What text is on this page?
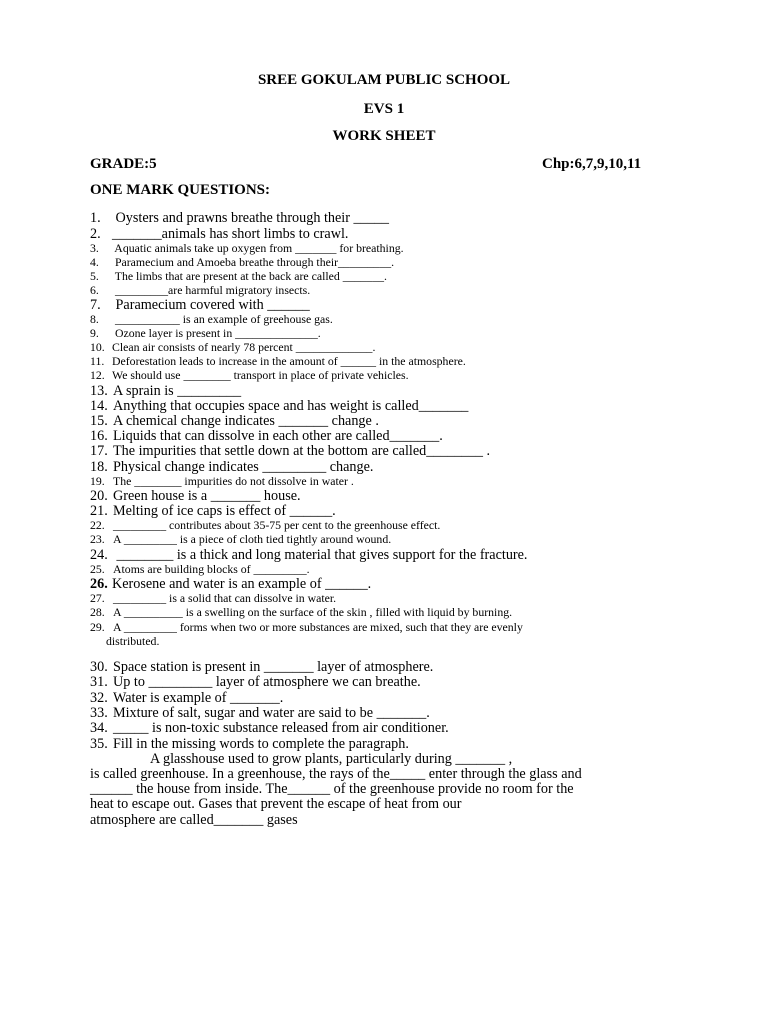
SREE GOKULAM PUBLIC SCHOOL
EVS 1
WORK SHEET
GRADE:5	Chp:6,7,9,10,11
ONE MARK QUESTIONS:
1. Oysters and prawns breathe through their _____
2. _______animals has short limbs to crawl.
3. Aquatic animals take up oxygen from _______ for breathing.
4. Paramecium and Amoeba breathe through their_________.
5. The limbs that are present at the back are called _______.
6. _________are harmful migratory insects.
7. Paramecium covered with ______
8. ___________ is an example of greehouse gas.
9. Ozone layer is present in ______________.
10. Clean air consists of nearly 78 percent _____________.
11. Deforestation leads to increase in the amount of ______ in the atmosphere.
12. We should use ________ transport in place of private vehicles.
13. A sprain is _________
14. Anything that occupies space and has weight is called_______
15. A chemical change indicates _______ change .
16. Liquids that can dissolve in each other are called_______.
17. The impurities that settle down at the bottom are called________ .
18. Physical change indicates _________ change.
19. The ________ impurities do not dissolve in water .
20. Green house is a _______ house.
21. Melting of ice caps is effect of ______.
22. _________ contributes about 35-75 per cent to the greenhouse effect.
23. A _________ is a piece of cloth tied tightly around wound.
24. ________ is a thick and long material that gives support for the fracture.
25. Atoms are building blocks of _________.
26. Kerosene and water is an example of ______.
27. _________ is a solid that can dissolve in water.
28. A __________ is a swelling on the surface of the skin , filled with liquid by burning.
29. A _________ forms when two or more substances are mixed, such that they are evenly
distributed.
30. Space station is present in _______ layer of atmosphere.
31. Up to _________ layer of atmosphere we can breathe.
32. Water is example of _______.
33. Mixture of salt, sugar and water are said to be _______.
34. _____ is non-toxic substance released from air conditioner.
35. Fill in the missing words to complete the paragraph.
A glasshouse used to grow plants, particularly during _______ ,
is called greenhouse. In a greenhouse, the rays of the_____ enter through the glass and
______ the house from inside. The______ of the greenhouse provide no room for the
heat to escape out. Gases that prevent the escape of heat from our
atmosphere are called_______ gases
